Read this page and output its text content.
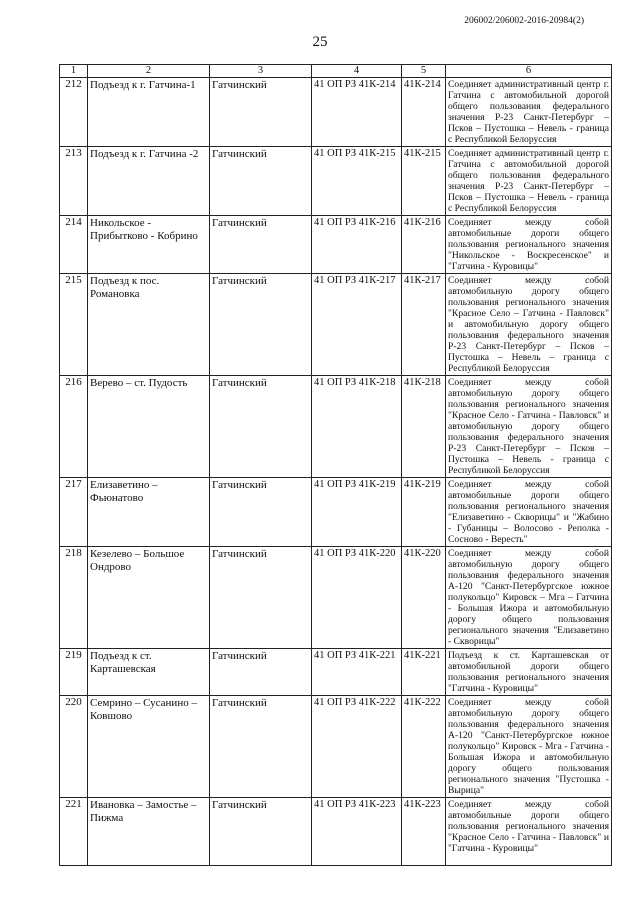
206002/206002-2016-20984(2)
25
1	2	3	4	5	6
212	Подъезд к г. Гатчина-1	Гатчинский	41 ОП РЗ 41К-214	41К-214	Соединяет административный центр г. Гатчина с автомобильной дорогой общего пользования федерального значения Р-23 Санкт-Петербург – Псков – Пустошка – Невель - граница с Республикой Белоруссия
213	Подъезд к г. Гатчина -2	Гатчинский	41 ОП РЗ 41К-215	41К-215	Соединяет административный центр г. Гатчина с автомобильной дорогой общего пользования федерального значения Р-23 Санкт-Петербург – Псков – Пустошка – Невель - граница с Республикой Белоруссия
214	Никольское - Прибытково - Кобрино	Гатчинский	41 ОП РЗ 41К-216	41К-216	Соединяет между собой автомобильные дороги общего пользования регионального значения "Никольское - Воскресенское" и "Гатчина - Куровицы"
215	Подъезд к пос. Романовка	Гатчинский	41 ОП РЗ 41К-217	41К-217	Соединяет между собой автомобильную дорогу общего пользования регионального значения "Красное Село – Гатчина - Павловск" и автомобильную дорогу общего пользования федерального значения Р-23 Санкт-Петербург – Псков – Пустошка – Невель – граница с Республикой Белоруссия
216	Верево – ст. Пудость	Гатчинский	41 ОП РЗ 41К-218	41К-218	Соединяет между собой автомобильную дорогу общего пользования регионального значения "Красное Село - Гатчина - Павловск" и автомобильную дорогу общего пользования федерального значения Р-23 Санкт-Петербург – Псков – Пустошка – Невель - граница с Республикой Белоруссия
217	Елизаветино – Фьюнатово	Гатчинский	41 ОП РЗ 41К-219	41К-219	Соединяет между собой автомобильные дороги общего пользования регионального значения "Елизаветино - Скворицы" и "Жабино - Губаницы – Волосово - Реполка - Сосново - Вересть"
218	Кезелево – Большое Ондрово	Гатчинский	41 ОП РЗ 41К-220	41К-220	Соединяет между собой автомобильную дорогу общего пользования федерального значения А-120 "Санкт-Петербургское южное полукольцо" Кировск – Мга – Гатчина - Большая Ижора и автомобильную дорогу общего пользования регионального значения "Елизаветино - Скворицы"
219	Подъезд к ст. Карташевская	Гатчинский	41 ОП РЗ 41К-221	41К-221	Подъезд к ст. Карташевская от автомобильной дороги общего пользования регионального значения "Гатчина - Куровицы"
220	Семрино – Сусанино – Ковшово	Гатчинский	41 ОП РЗ 41К-222	41К-222	Соединяет между собой автомобильную дорогу общего пользования федерального значения А-120 "Санкт-Петербургское южное полукольцо" Кировск - Мга - Гатчина - Большая Ижора и автомобильную дорогу общего пользования регионального значения "Пустошка - Вырица"
221	Ивановка – Замостье – Пижма	Гатчинский	41 ОП РЗ 41К-223	41К-223	Соединяет между собой автомобильные дороги общего пользования регионального значения "Красное Село - Гатчина - Павловск" и "Гатчина - Куровицы"
